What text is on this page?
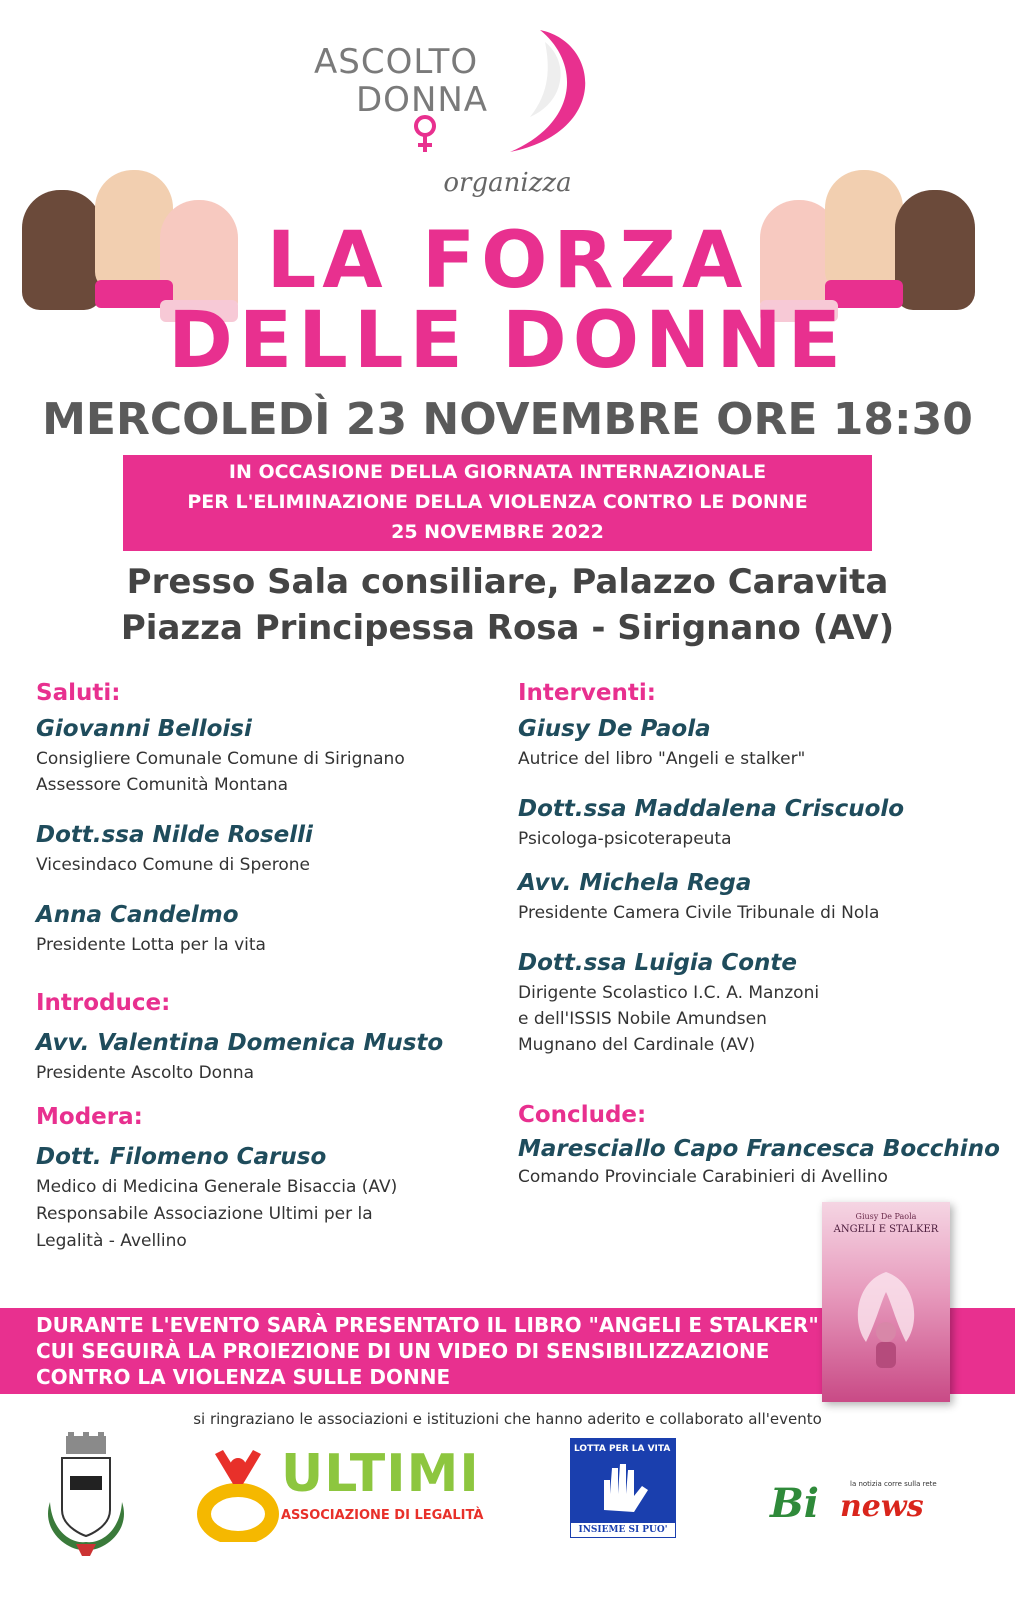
ASCOLTO
DONNA
organizza
LA FORZA
DELLE DONNE
MERCOLEDÌ 23 NOVEMBRE ORE 18:30
IN OCCASIONE DELLA GIORNATA INTERNAZIONALE
PER L'ELIMINAZIONE DELLA VIOLENZA CONTRO LE DONNE
25 NOVEMBRE 2022
Presso Sala consiliare, Palazzo Caravita
Piazza Principessa Rosa - Sirignano (AV)
Saluti:
Giovanni Belloisi
Consigliere Comunale Comune di Sirignano
Assessore Comunità Montana
Dott.ssa Nilde Roselli
Vicesindaco Comune di Sperone
Anna Candelmo
Presidente Lotta per la vita
Introduce:
Avv. Valentina Domenica Musto
Presidente Ascolto Donna
Modera:
Dott. Filomeno Caruso
Medico di Medicina Generale Bisaccia (AV)
Responsabile Associazione Ultimi per la
Legalità - Avellino
Interventi:
Giusy De Paola
Autrice del libro "Angeli e stalker"
Dott.ssa Maddalena Criscuolo
Psicologa-psicoterapeuta
Avv. Michela Rega
Presidente Camera Civile Tribunale di Nola
Dott.ssa Luigia Conte
Dirigente Scolastico I.C. A. Manzoni
e dell'ISSIS Nobile Amundsen
Mugnano del Cardinale (AV)
Conclude:
Maresciallo Capo Francesca Bocchino
Comando Provinciale Carabinieri di Avellino
DURANTE L'EVENTO SARÀ PRESENTATO IL LIBRO "ANGELI E STALKER"
CUI SEGUIRÀ LA PROIEZIONE DI UN VIDEO DI SENSIBILIZZAZIONE
CONTRO LA VIOLENZA SULLE DONNE
Giusy De Paola
ANGELI E STALKER
si ringraziano le associazioni e istituzioni che hanno aderito e collaborato all'evento
ULTIMI
ASSOCIAZIONE DI LEGALITÀ
LOTTA PER LA VITA
INSIEME SI PUO'
la notizia corre sulla rete
Bi news
